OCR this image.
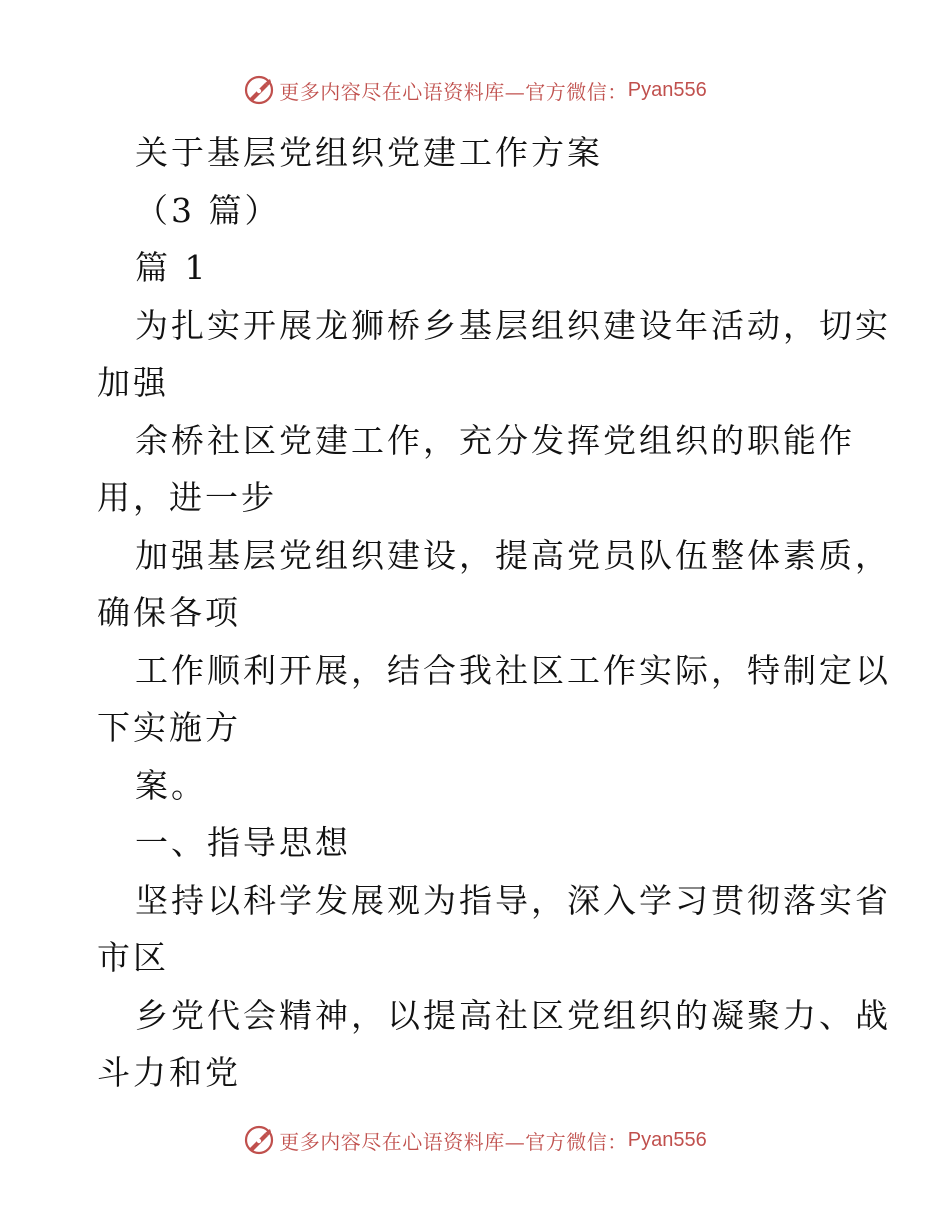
更多内容尽在心语资料库—官方微信： Pyan556
关于基层党组织党建工作方案
（3 篇）
篇 1
为扎实开展龙狮桥乡基层组织建设年活动，切实
加强
余桥社区党建工作，充分发挥党组织的职能作
用，进一步
加强基层党组织建设，提高党员队伍整体素质，
确保各项
工作顺利开展，结合我社区工作实际，特制定以
下实施方
案。
一、指导思想
坚持以科学发展观为指导，深入学习贯彻落实省
市区
乡党代会精神，以提高社区党组织的凝聚力、战
斗力和党
更多内容尽在心语资料库—官方微信： Pyan556
